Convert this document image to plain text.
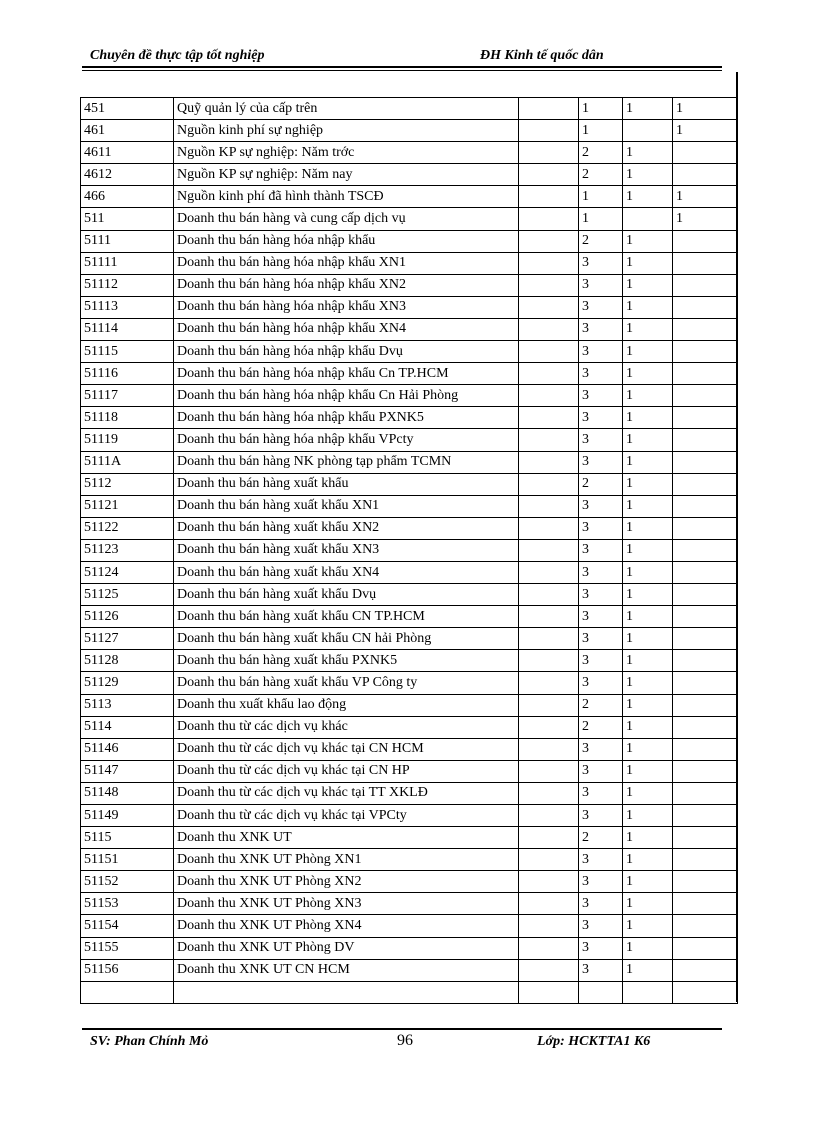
Chuyên đề thực tập tốt nghiệp	ĐH Kinh tế quốc dân
451	Quỹ quản lý của cấp trên		1	1	1
461	Nguồn kinh phí sự nghiệp		1		1
4611	Nguồn KP sự nghiệp: Năm trớc		2	1	
4612	Nguồn KP sự nghiệp: Năm nay		2	1	
466	Nguồn kinh phí đã hình thành TSCĐ		1	1	1
511	Doanh thu bán hàng và cung cấp dịch vụ		1		1
5111	Doanh thu bán hàng hóa nhập khẩu		2	1	
51111	Doanh thu bán hàng hóa nhập khẩu XN1		3	1	
51112	Doanh thu bán hàng hóa nhập khẩu XN2		3	1	
51113	Doanh thu bán hàng hóa nhập khẩu XN3		3	1	
51114	Doanh thu bán hàng hóa nhập khẩu XN4		3	1	
51115	Doanh thu bán hàng hóa nhập khẩu Dvụ		3	1	
51116	Doanh thu bán hàng hóa nhập khẩu Cn TP.HCM		3	1	
51117	Doanh thu bán hàng hóa nhập khẩu Cn Hải Phòng		3	1	
51118	Doanh thu bán hàng hóa nhập khẩu PXNK5		3	1	
51119	Doanh thu bán hàng hóa nhập khẩu VPcty		3	1	
5111A	Doanh thu bán hàng NK phòng tạp phẩm TCMN		3	1	
5112	Doanh thu bán hàng xuất khẩu		2	1	
51121	Doanh thu bán hàng xuất khẩu XN1		3	1	
51122	Doanh thu bán hàng xuất khẩu XN2		3	1	
51123	Doanh thu bán hàng xuất khẩu XN3		3	1	
51124	Doanh thu bán hàng xuất khẩu XN4		3	1	
51125	Doanh thu bán hàng xuất khẩu Dvụ		3	1	
51126	Doanh thu bán hàng xuất khẩu CN TP.HCM		3	1	
51127	Doanh thu bán hàng xuất khẩu CN hải Phòng		3	1	
51128	Doanh thu bán hàng xuất khẩu PXNK5		3	1	
51129	Doanh thu bán hàng xuất khẩu VP Công ty		3	1	
5113	Doanh thu xuất khẩu lao động		2	1	
5114	Doanh thu từ các dịch vụ khác		2	1	
51146	Doanh thu từ các dịch vụ khác tại CN HCM		3	1	
51147	Doanh thu từ các dịch vụ khác tại CN HP		3	1	
51148	Doanh thu từ các dịch vụ khác tại TT XKLĐ		3	1	
51149	Doanh thu từ các dịch vụ khác tại VPCty		3	1	
5115	Doanh thu XNK UT		2	1	
51151	Doanh thu XNK UT Phòng XN1		3	1	
51152	Doanh thu XNK UT Phòng XN2		3	1	
51153	Doanh thu XNK UT Phòng XN3		3	1	
51154	Doanh thu XNK UT Phòng XN4		3	1	
51155	Doanh thu XNK UT Phòng DV		3	1	
51156	Doanh thu XNK UT CN HCM		3	1	

SV: Phan Chính Mỏ	96	Lớp: HCKTTA1 K6
